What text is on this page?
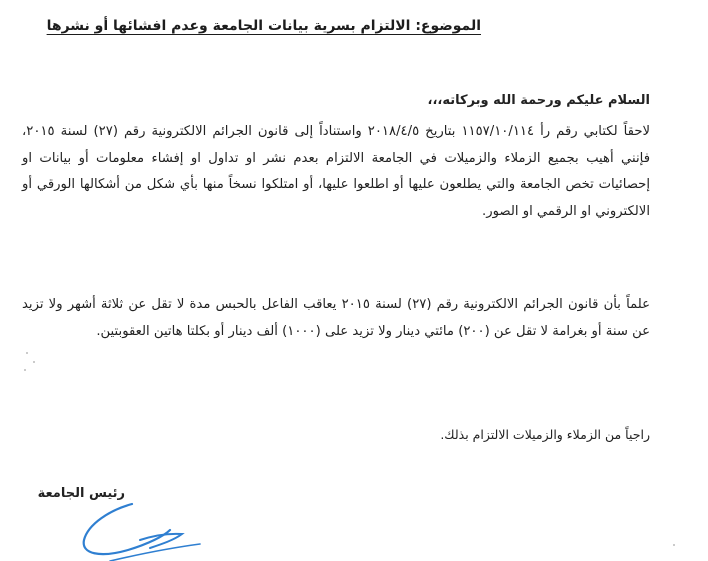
الموضوع: الالتزام بسرية بيانات الجامعة وعدم افشائها أو نشرها
السلام عليكم ورحمة الله وبركاته،،،
لاحقاً لكتابي رقم رأ ١١٥٧/١٠/١١٤ بتاريخ ٢٠١٨/٤/٥ واستناداً إلى قانون الجرائم الالكترونية رقم (٢٧) لسنة ٢٠١٥، فإنني أهيب بجميع الزملاء والزميلات في الجامعة الالتزام بعدم نشر او تداول او إفشاء معلومات أو بيانات او إحصائيات تخص الجامعة والتي يطلعون عليها أو اطلعوا عليها، أو امتلكوا نسخاً منها بأي شكل من أشكالها الورقي أو الالكتروني او الرقمي او الصور.
علماً بأن قانون الجرائم الالكترونية رقم (٢٧) لسنة ٢٠١٥ يعاقب الفاعل بالحبس مدة لا تقل عن ثلاثة أشهر ولا تزيد عن سنة أو بغرامة لا تقل عن (٢٠٠) مائتي دينار ولا تزيد على (١٠٠٠) ألف دينار أو بكلتا هاتين العقوبتين.
راجياً من الزملاء والزميلات الالتزام بذلك.
رئيس الجامعة
